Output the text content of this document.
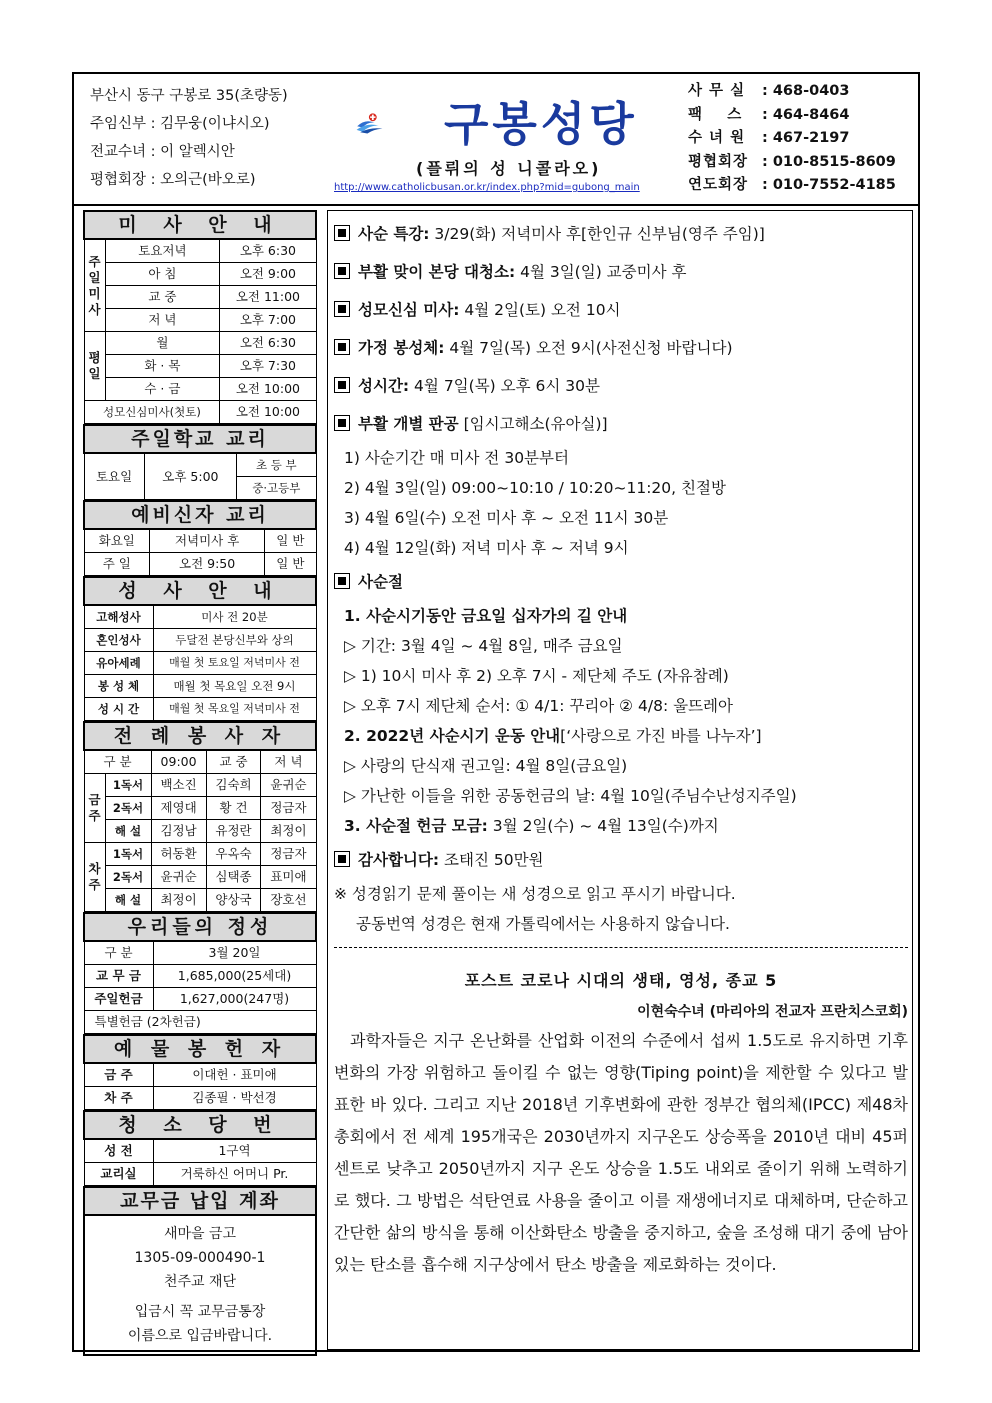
부산시 동구 구봉로 35(초량동)
주임신부 : 김무웅(이냐시오)
전교수녀 : 이 알렉시안
평협회장 : 오의근(바오로)
구봉성당
(플뤼의 성 니콜라오)
http://www.catholicbusan.or.kr/index.php?mid=gubong_main
사 무 실	: 468-0403
팩    스	: 464-8464
수 녀 원	: 467-2197
평협회장 : 010-8515-8609
연도회장 : 010-7552-4185
미 사 안 내		
주일미사	토요저녁	오후 6:30
	아 침	오전 9:00
	교 중	오전 11:00
	저 녁	오후 7:00
평일	월	오전 6:30
	화 · 목	오후 7:30
	수 · 금	오전 10:00
성모신심미사(첫토)		오전 10:00
주일학교 교리
토요일	오후 5:00	초 등 부
중·고등부
예비신자 교리		
화요일	저녁미사 후	일 반
주 일	오전 9:50	일 반
성 사 안 내	
고해성사	미사 전 20분
혼인성사	두달전 본당신부와 상의
유아세례	매월 첫 토요일 저녁미사 전
봉 성 체	매월 첫 목요일 오전 9시
성 시 간	매월 첫 목요일 저녁미사 전
전 례 봉 사 자				
구 분		09:00	교 중	저 녁
금주	1독서	백소진	김숙희	윤귀순
	2독서	제영대	황 건	정금자
	해 설	김정남	유정란	최정이
차주	1독서	허동환	우옥숙	정금자
	2독서	윤귀순	심택종	표미애
	해 설	최정이	양상국	장호선
우리들의 정성	
구 분	3월 20일
교 무 금	1,685,000(25세대)
주일헌금	1,627,000(247명)
특별헌금 (2차헌금)	
예 물 봉 헌 자	
금 주	이대헌 · 표미애
차 주	김종필 · 박선경
청 소 당 번	
성 전	1구역
교리실	거룩하신 어머니 Pr.
교무금 납입 계좌
새마을 금고
1305-09-000490-1
천주교 재단
입금시 꼭 교무금통장
이름으로 입금바랍니다.
사순 특강: 3/29(화) 저녁미사 후[한인규 신부님(영주 주임)]
부활 맞이 본당 대청소: 4월 3일(일) 교중미사 후
성모신심 미사: 4월 2일(토) 오전 10시
가정 봉성체: 4월 7일(목) 오전 9시(사전신청 바랍니다)
성시간: 4월 7일(목) 오후 6시 30분
부활 개별 판공 [임시고해소(유아실)]
1) 사순기간 매 미사 전 30분부터
2) 4월 3일(일) 09:00~10:10 / 10:20~11:20, 친절방
3) 4월 6일(수) 오전 미사 후 ~ 오전 11시 30분
4) 4월 12일(화) 저녁 미사 후 ~ 저녁 9시
사순절
1. 사순시기동안 금요일 십자가의 길 안내
▷ 기간: 3월 4일 ~ 4월 8일, 매주 금요일
▷ 1) 10시 미사 후 2) 오후 7시 - 제단체 주도 (자유참례)
▷ 오후 7시 제단체 순서: ① 4/1: 꾸리아 ② 4/8: 울뜨레아
2. 2022년 사순시기 운동 안내[‘사랑으로 가진 바를 나누자’]
▷ 사랑의 단식재 권고일: 4월 8일(금요일)
▷ 가난한 이들을 위한 공동헌금의 날: 4월 10일(주님수난성지주일)
3. 사순절 헌금 모금: 3월 2일(수) ~ 4월 13일(수)까지
감사합니다: 조태진 50만원
※ 성경읽기 문제 풀이는 새 성경으로 읽고 푸시기 바랍니다.
공동번역 성경은 현재 가톨릭에서는 사용하지 않습니다.
포스트 코로나 시대의 생태, 영성, 종교 5
이현숙수녀 (마리아의 전교자 프란치스코회)
과학자들은 지구 온난화를 산업화 이전의 수준에서 섭씨 1.5도로 유지하면 기후변화의 가장 위험하고 돌이킬 수 없는 영향(Tiping point)을 제한할 수 있다고 발표한 바 있다. 그리고 지난 2018년 기후변화에 관한 정부간 협의체(IPCC) 제48차 총회에서 전 세계 195개국은 2030년까지 지구온도 상승폭을 2010년 대비 45퍼센트로 낮추고 2050년까지 지구 온도 상승을 1.5도 내외로 줄이기 위해 노력하기로 했다. 그 방법은 석탄연료 사용을 줄이고 이를 재생에너지로 대체하며, 단순하고 간단한 삶의 방식을 통해 이산화탄소 방출을 중지하고, 숲을 조성해 대기 중에 남아 있는 탄소를 흡수해 지구상에서 탄소 방출을 제로화하는 것이다.
